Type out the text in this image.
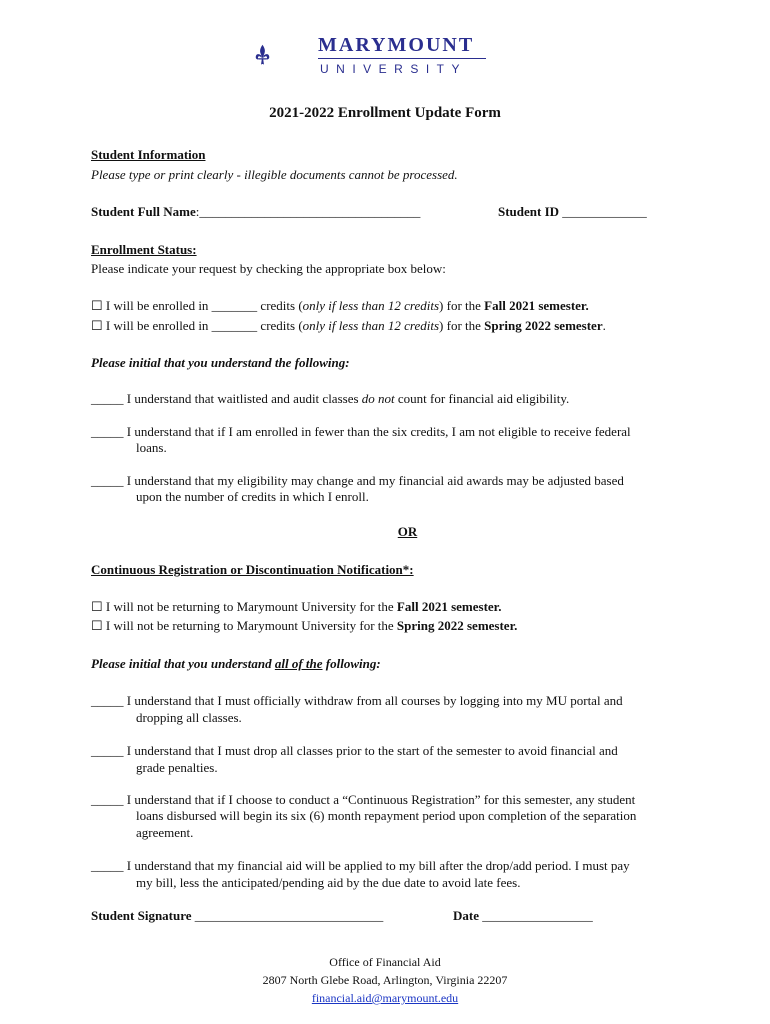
MARYMOUNT
UNIVERSITY
2021-2022 Enrollment Update Form
Student Information
Please type or print clearly - illegible documents cannot be processed.
Student Full Name:__________________________________	Student ID _____________
Enrollment Status:
Please indicate your request by checking the appropriate box below:
☐ I will be enrolled in _______ credits (only if less than 12 credits) for the Fall 2021 semester.
☐ I will be enrolled in _______ credits (only if less than 12 credits) for the Spring 2022 semester.
Please initial that you understand the following:
_____ I understand that waitlisted and audit classes do not count for financial aid eligibility.
_____ I understand that if I am enrolled in fewer than the six credits, I am not eligible to receive federal
loans.
_____ I understand that my eligibility may change and my financial aid awards may be adjusted based
upon the number of credits in which I enroll.
OR
Continuous Registration or Discontinuation Notification*:
☐ I will not be returning to Marymount University for the Fall 2021 semester.
☐ I will not be returning to Marymount University for the Spring 2022 semester.
Please initial that you understand all of the following:
_____ I understand that I must officially withdraw from all courses by logging into my MU portal and
dropping all classes.
_____ I understand that I must drop all classes prior to the start of the semester to avoid financial and
grade penalties.
_____ I understand that if I choose to conduct a “Continuous Registration” for this semester, any student
loans disbursed will begin its six (6) month repayment period upon completion of the separation
agreement.
_____ I understand that my financial aid will be applied to my bill after the drop/add period. I must pay
my bill, less the anticipated/pending aid by the due date to avoid late fees.
Student Signature _____________________________	Date _________________
Office of Financial Aid
2807 North Glebe Road, Arlington, Virginia 22207
financial.aid@marymount.edu
